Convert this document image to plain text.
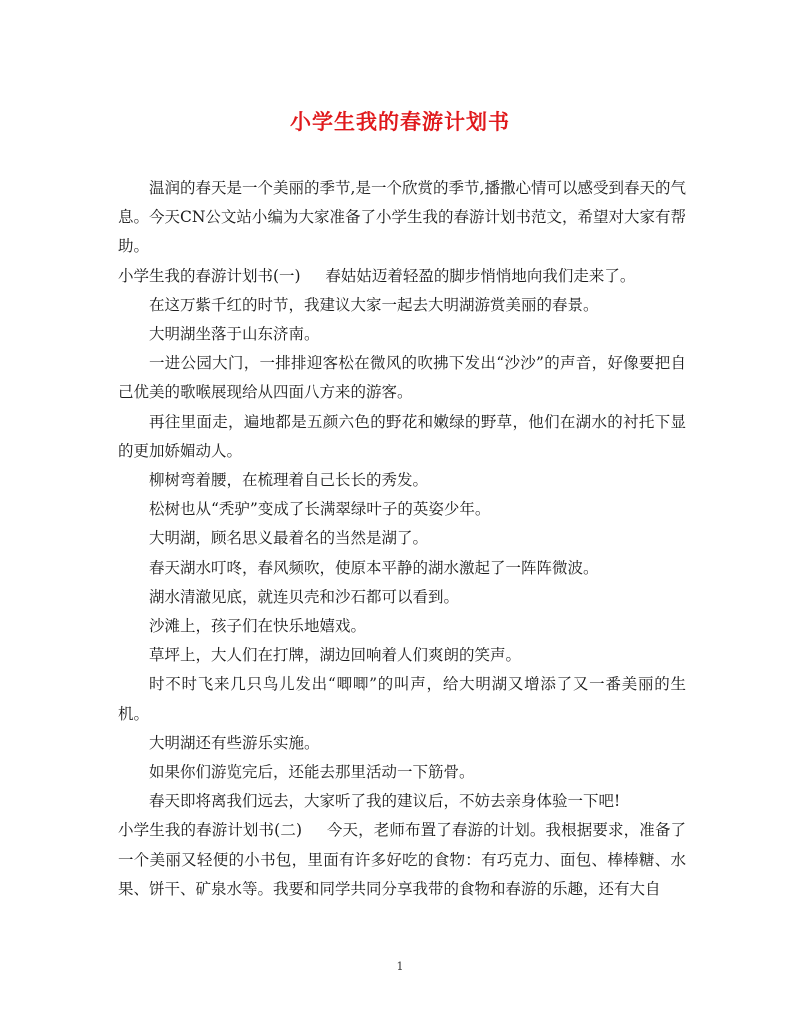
小学生我的春游计划书

温润的春天是一个美丽的季节,是一个欣赏的季节,播撒心情可以感受到春天的气息。今天CN公文站小编为大家准备了小学生我的春游计划书范文，希望对大家有帮助。

小学生我的春游计划书(一) 春姑姑迈着轻盈的脚步悄悄地向我们走来了。

在这万紫千红的时节，我建议大家一起去大明湖游赏美丽的春景。

大明湖坐落于山东济南。

一进公园大门，一排排迎客松在微风的吹拂下发出“沙沙”的声音，好像要把自己优美的歌喉展现给从四面八方来的游客。

再往里面走，遍地都是五颜六色的野花和嫩绿的野草，他们在湖水的衬托下显的更加娇媚动人。

柳树弯着腰，在梳理着自己长长的秀发。

松树也从“秃驴”变成了长满翠绿叶子的英姿少年。

大明湖，顾名思义最着名的当然是湖了。

春天湖水叮咚，春风频吹，使原本平静的湖水激起了一阵阵微波。

湖水清澈见底，就连贝壳和沙石都可以看到。

沙滩上，孩子们在快乐地嬉戏。

草坪上，大人们在打牌，湖边回响着人们爽朗的笑声。

时不时飞来几只鸟儿发出“唧唧”的叫声，给大明湖又增添了又一番美丽的生机。

大明湖还有些游乐实施。

如果你们游览完后，还能去那里活动一下筋骨。

春天即将离我们远去，大家听了我的建议后，不妨去亲身体验一下吧!

小学生我的春游计划书(二) 今天，老师布置了春游的计划。我根据要求，准备了一个美丽又轻便的小书包，里面有许多好吃的食物：有巧克力、面包、棒棒糖、水果、饼干、矿泉水等。我要和同学共同分享我带的食物和春游的乐趣，还有大自

1
